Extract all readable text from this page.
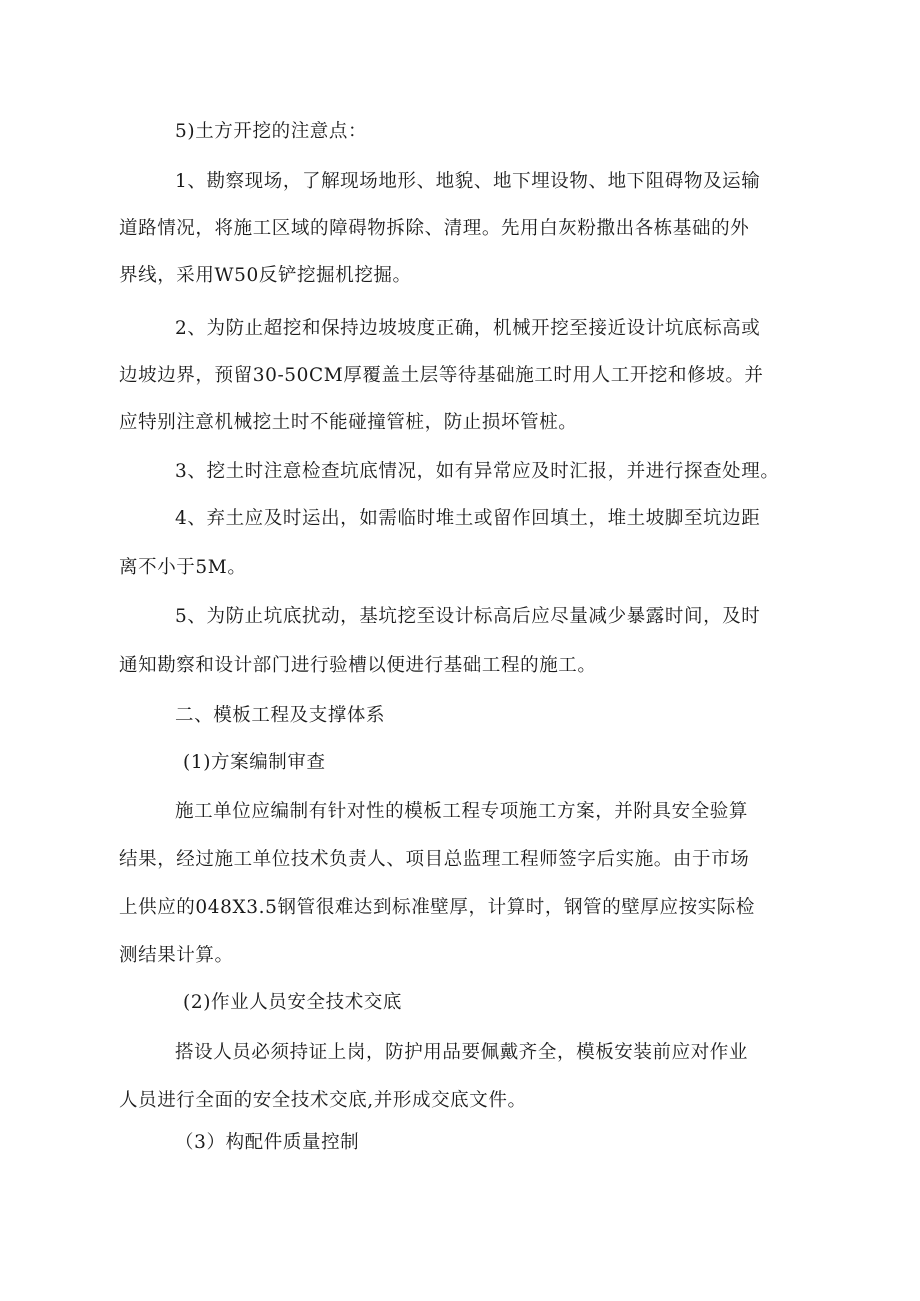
5)土方开挖的注意点：
1、勘察现场，了解现场地形、地貌、地下埋设物、地下阻碍物及运输
道路情况，将施工区域的障碍物拆除、清理。先用白灰粉撒出各栋基础的外
界线，采用W50反铲挖掘机挖掘。
2、为防止超挖和保持边坡坡度正确，机械开挖至接近设计坑底标高或
边坡边界，预留30-50CM厚覆盖土层等待基础施工时用人工开挖和修坡。并
应特别注意机械挖土时不能碰撞管桩，防止损坏管桩。
3、挖土时注意检查坑底情况，如有异常应及时汇报，并进行探查处理。
4、弃土应及时运出，如需临时堆土或留作回填土，堆土坡脚至坑边距
离不小于5M。
5、为防止坑底扰动，基坑挖至设计标高后应尽量减少暴露时间，及时
通知勘察和设计部门进行验槽以便进行基础工程的施工。
二、模板工程及支撑体系
(1)方案编制审查
施工单位应编制有针对性的模板工程专项施工方案，并附具安全验算
结果，经过施工单位技术负责人、项目总监理工程师签字后实施。由于市场
上供应的048X3.5钢管很难达到标准壁厚，计算时，钢管的壁厚应按实际检
测结果计算。
(2)作业人员安全技术交底
搭设人员必须持证上岗，防护用品要佩戴齐全，模板安装前应对作业
人员进行全面的安全技术交底,并形成交底文件。
（3）构配件质量控制
